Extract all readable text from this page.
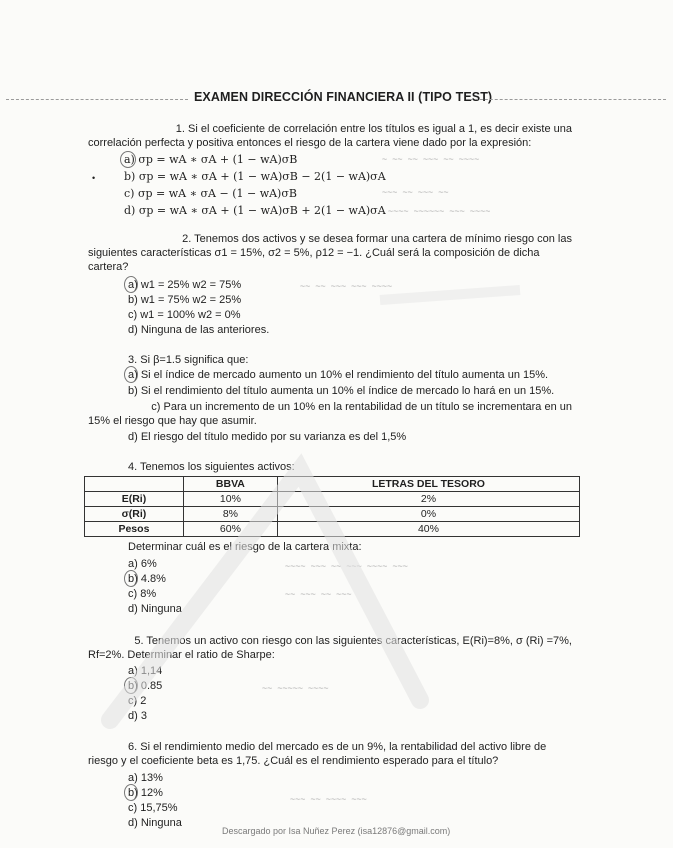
EXAMEN DIRECCIÓN FINANCIERA II (TIPO TEST)
1. Si el coeficiente de correlación entre los títulos es igual a 1, es decir existe una
correlación perfecta y positiva entonces el riesgo de la cartera viene dado por la expresión:
a) σp = wA ∗ σA + (1 − wA)σB
b) σp = wA ∗ σA + (1 − wA)σB − 2(1 − wA)σA
•
c) σp = wA ∗ σA − (1 − wA)σB
d) σp = wA ∗ σA + (1 − wA)σB + 2(1 − wA)σA
2. Tenemos dos activos y se desea formar una cartera de mínimo riesgo con las
siguientes características σ1 = 15%, σ2 = 5%, ρ12 = −1. ¿Cuál será la composición de dicha
cartera?
a) w1 = 25% w2 = 75%
b) w1 = 75% w2 = 25%
c) w1 = 100% w2 = 0%
d) Ninguna de las anteriores.
3. Si β=1.5 significa que:
a) Si el índice de mercado aumento un 10% el rendimiento del título aumenta un 15%.
b) Si el rendimiento del título aumenta un 10% el índice de mercado lo hará en un 15%.
c) Para un incremento de un 10% en la rentabilidad de un título se incrementara en un
15% el riesgo que hay que asumir.
d) El riesgo del título medido por su varianza es del 1,5%
4. Tenemos los siguientes activos:
	BBVA	LETRAS DEL TESORO
E(Ri)	10%	2%
σ(Ri)	8%	0%
Pesos	60%	40%
Determinar cuál es el riesgo de la cartera mixta:
a) 6%
b) 4.8%
c) 8%
d) Ninguna
5. Tenemos un activo con riesgo con las siguientes características, E(Ri)=8%, σ (Ri) =7%,
Rf=2%. Determinar el ratio de Sharpe:
a) 1,14
b) 0.85
c) 2
d) 3
6. Si el rendimiento medio del mercado es de un 9%, la rentabilidad del activo libre de
riesgo y el coeficiente beta es 1,75. ¿Cuál es el rendimiento esperado para el título?
a) 13%
b) 12%
c) 15,75%
d) Ninguna
~ ~~ ~~ ~~~ ~~ ~~~~
~~~ ~~ ~~~ ~~
~~~~ ~~~~~~ ~~~ ~~~~
~~ ~~ ~~~ ~~~ ~~~~
~~~~ ~~~ ~~ ~~~ ~~~~ ~~~
~~ ~~~ ~~ ~~~
~~ ~~~~~ ~~~~
~~~ ~~ ~~~~ ~~~
Descargado por Isa Nuñez Perez (isa12876@gmail.com)
